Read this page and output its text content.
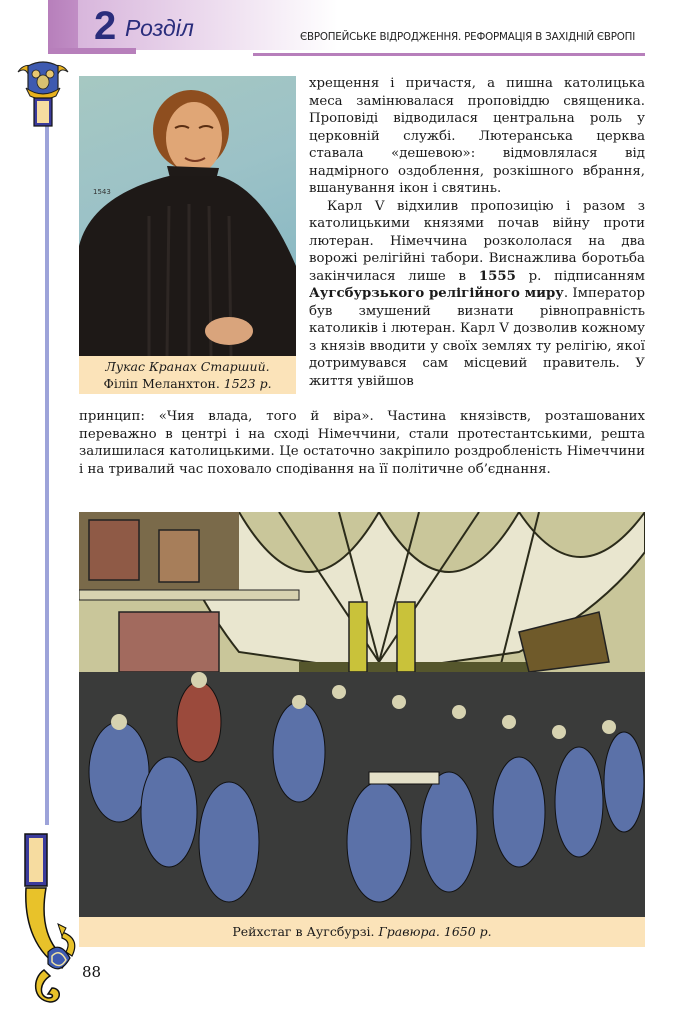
2 Розділ	ЄВРОПЕЙСЬКЕ ВІДРОДЖЕННЯ. РЕФОРМАЦІЯ В ЗАХІДНІЙ ЄВРОПІ
1543
Лукас Кранах Старший.
Філіп Меланхтон. 1523 р.

хрещення і причастя, а пишна католицька меса замінювалася проповіддю священика. Проповіді відводилася центральна роль у церковній службі. Лютеранська церква ставала «дешевою»: відмовлялася від надмірного оздоблення, розкішного вбрання, вшанування ікон і святинь.

Карл V відхилив пропозицію і разом з католицькими князями почав війну проти лютеран. Німеччина розкололася на два ворожі релігійні табори. Виснажлива боротьба закінчилася лише в 1555 р. підписанням Аугсбурзького релігійного миру. Імператор був змушений визнати рівноправність католиків і лютеран. Карл V дозволив кожному з князів вводити у своїх землях ту релігію, якої дотримувався сам місцевий правитель. У життя увійшов

принцип: «Чия влада, того й віра». Частина князівств, розташованих переважно в центрі і на сході Німеччини, стали протестантськими, решта залишилася католицькими. Це остаточно закріпило роздробленість Німеччини і на тривалий час поховало сподівання на її політичне об’єднання.

Рейхстаг в Аугсбурзі. Гравюра. 1650 р.
88
